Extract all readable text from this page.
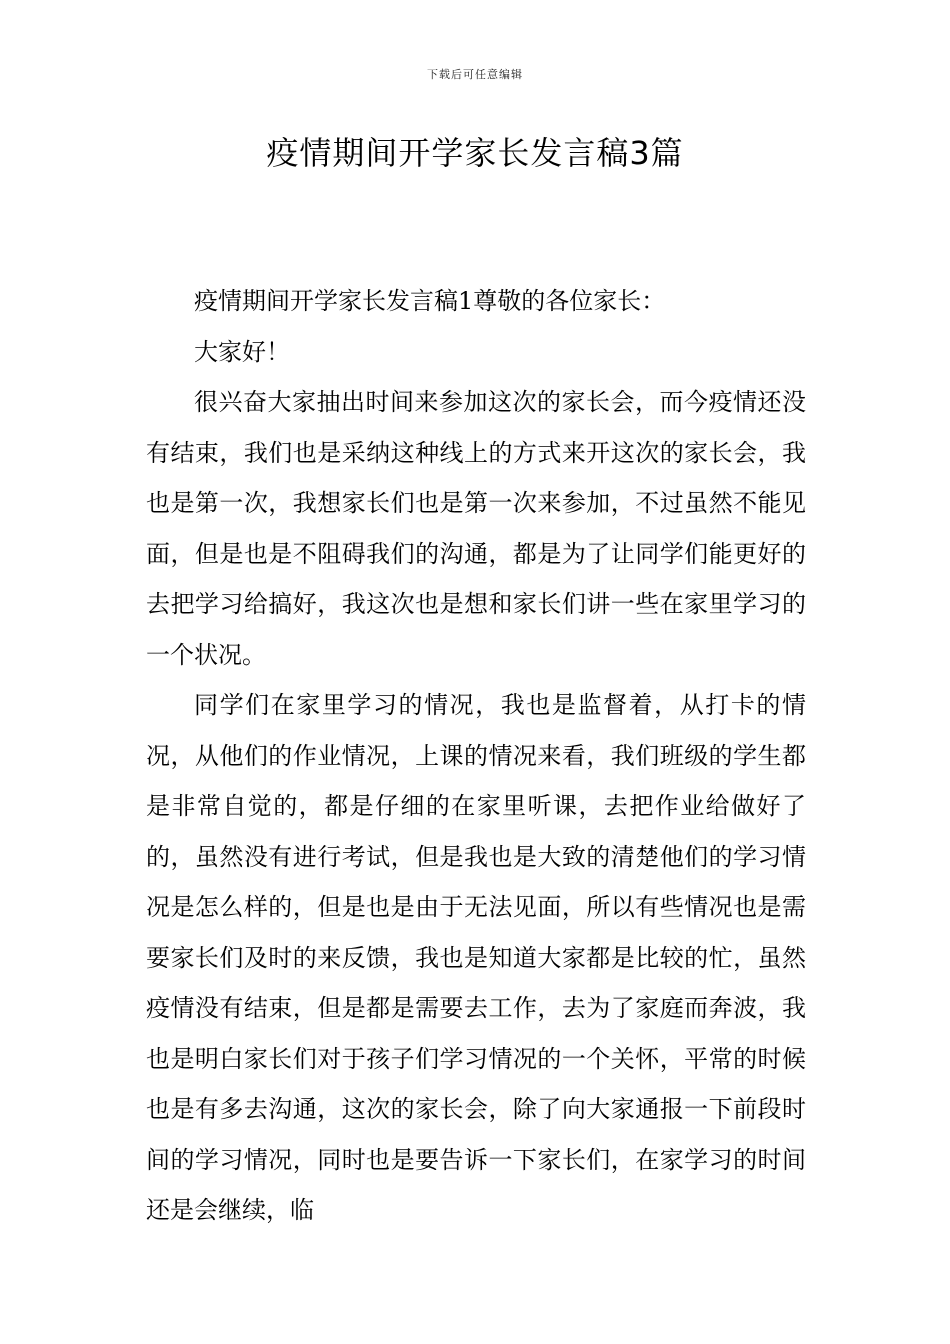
下载后可任意编辑
疫情期间开学家长发言稿3篇

疫情期间开学家长发言稿1尊敬的各位家长：

大家好！

很兴奋大家抽出时间来参加这次的家长会，而今疫情还没有结束，我们也是采纳这种线上的方式来开这次的家长会，我也是第一次，我想家长们也是第一次来参加，不过虽然不能见面，但是也是不阻碍我们的沟通，都是为了让同学们能更好的去把学习给搞好，我这次也是想和家长们讲一些在家里学习的一个状况。

同学们在家里学习的情况，我也是监督着，从打卡的情况，从他们的作业情况，上课的情况来看，我们班级的学生都是非常自觉的，都是仔细的在家里听课，去把作业给做好了的，虽然没有进行考试，但是我也是大致的清楚他们的学习情况是怎么样的，但是也是由于无法见面，所以有些情况也是需要家长们及时的来反馈，我也是知道大家都是比较的忙，虽然疫情没有结束，但是都是需要去工作，去为了家庭而奔波，我也是明白家长们对于孩子们学习情况的一个关怀，平常的时候也是有多去沟通，这次的家长会，除了向大家通报一下前段时间的学习情况，同时也是要告诉一下家长们，在家学习的时间还是会继续，临
